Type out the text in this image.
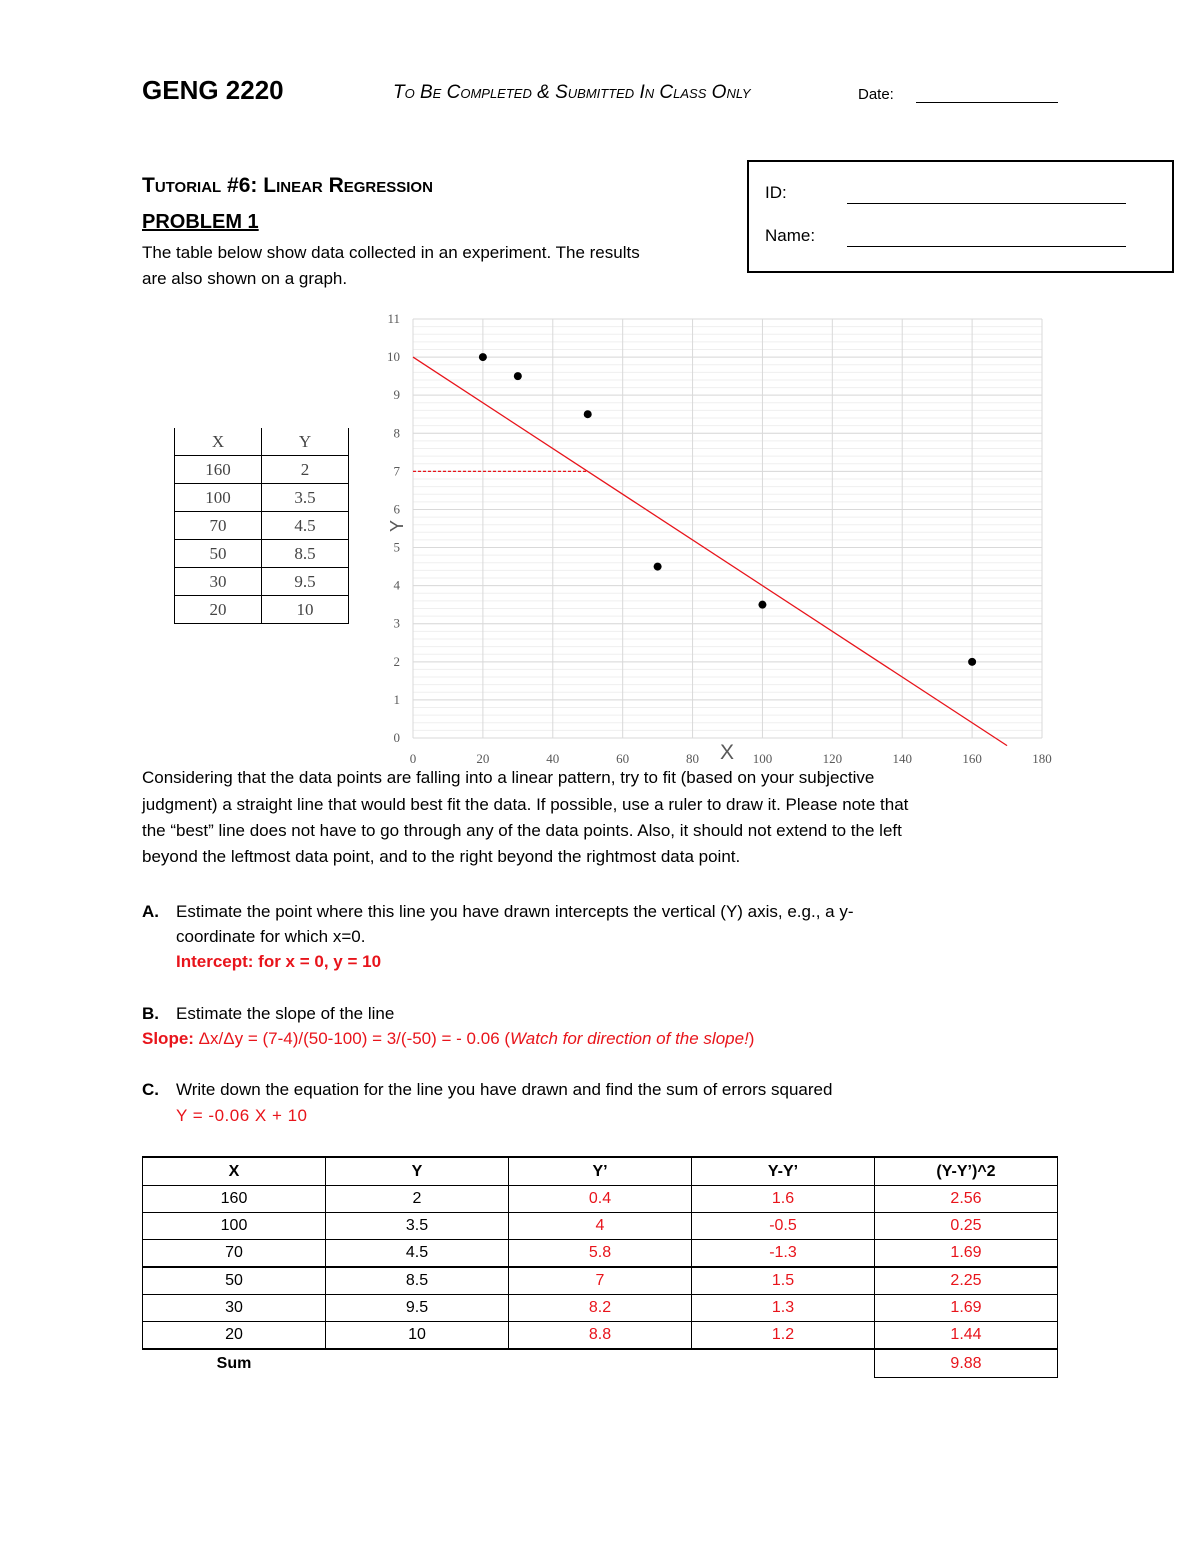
GENG 2220	To Be Completed & Submitted In Class Only	Date:
ID:
Name:
Tutorial #6: Linear Regression
PROBLEM 1
The table below show data collected in an experiment. The results
are also shown on a graph.
X	Y
160	2
100	3.5
70	4.5
50	8.5
30	9.5
20	10
0
1
2
3
4
5
6
7
8
9
10
11
0	20	40	60	80	100	120	140	160	180
X
Y
Considering that the data points are falling into a linear pattern, try to fit (based on your subjective
judgment) a straight line that would best fit the data. If possible, use a ruler to draw it. Please note that
the “best” line does not have to go through any of the data points. Also, it should not extend to the left
beyond the leftmost data point, and to the right beyond the rightmost data point.
A. Estimate the point where this line you have drawn intercepts the vertical (Y) axis, e.g., a y-
coordinate for which x=0.
Intercept: for x = 0, y = 10
B. Estimate the slope of the line
Slope: Δx/Δy = (7-4)/(50-100) = 3/(-50) = - 0.06 (Watch for direction of the slope!)
C. Write down the equation for the line you have drawn and find the sum of errors squared
Y = -0.06 X + 10
X	Y	Y’	Y-Y’	(Y-Y’)^2
160	2	0.4	1.6	2.56
100	3.5	4	-0.5	0.25
70	4.5	5.8	-1.3	1.69
50	8.5	7	1.5	2.25
30	9.5	8.2	1.3	1.69
20	10	8.8	1.2	1.44
Sum				9.88
